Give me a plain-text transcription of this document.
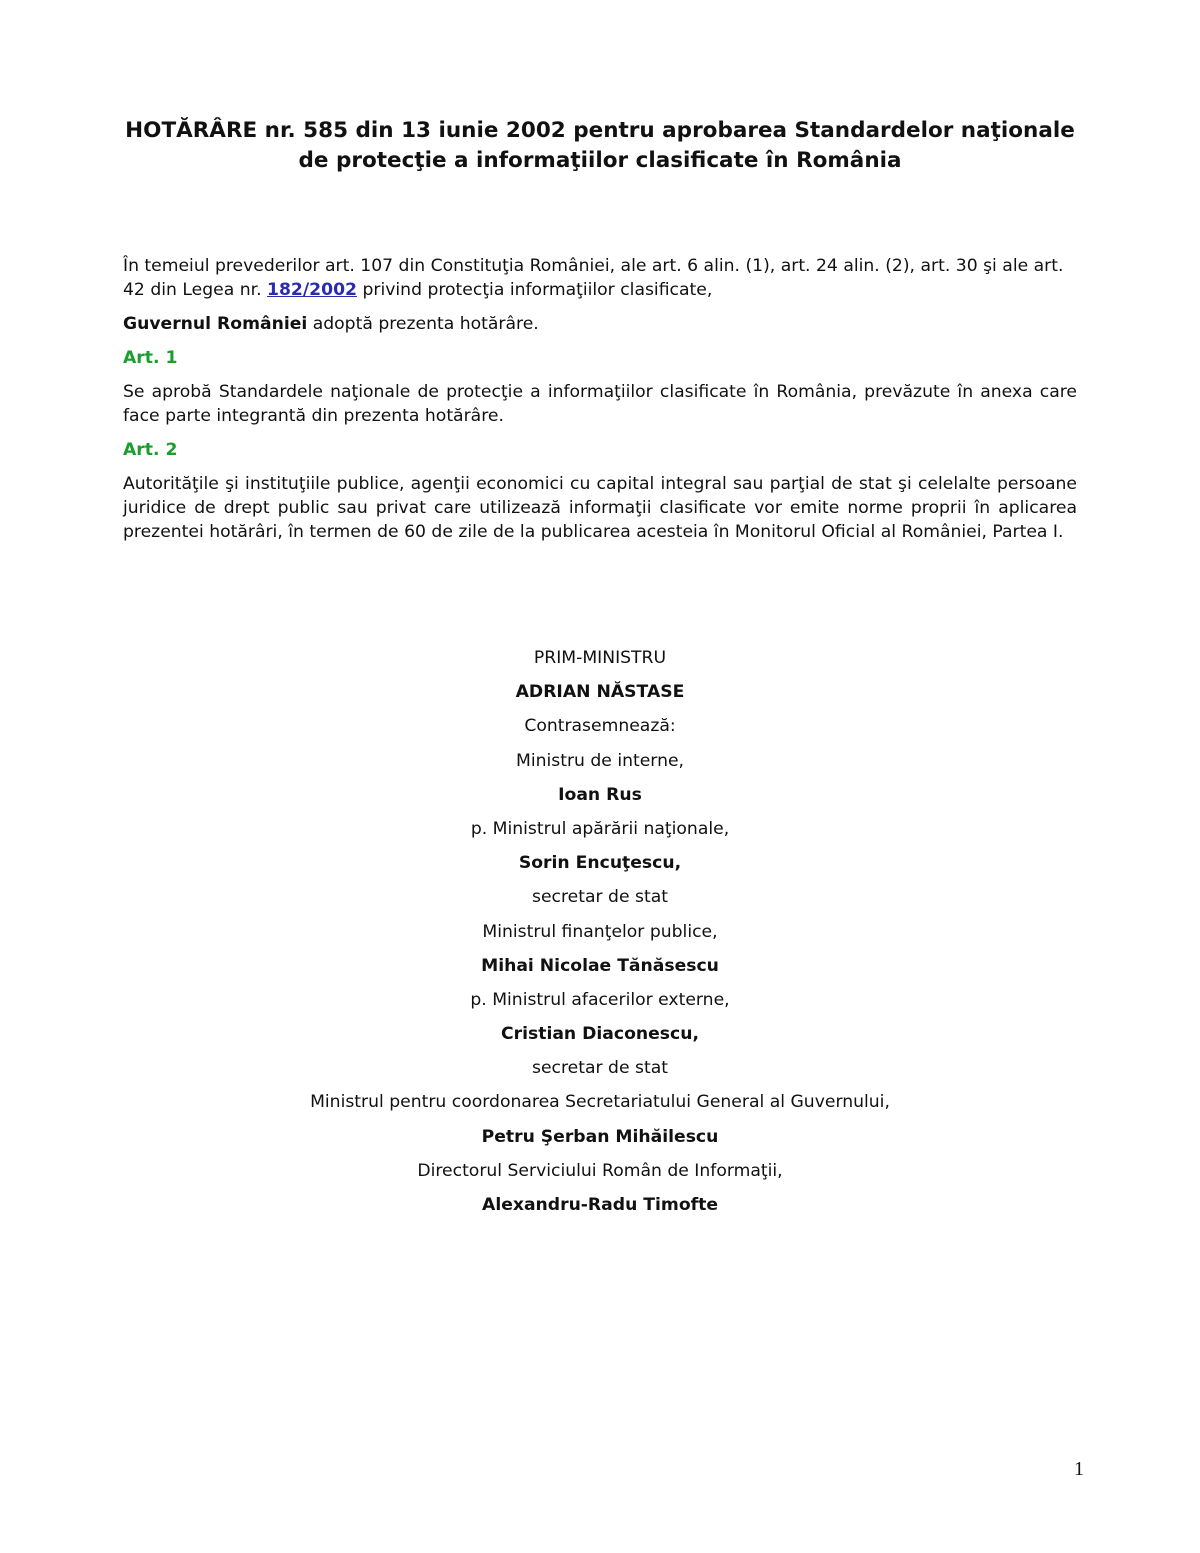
HOTĂRÂRE nr. 585 din 13 iunie 2002 pentru aprobarea Standardelor naţionale de protecţie a informaţiilor clasificate în România

În temeiul prevederilor art. 107 din Constituţia României, ale art. 6 alin. (1), art. 24 alin. (2), art. 30 şi ale art. 42 din Legea nr. 182/2002 privind protecţia informaţiilor clasificate,

Guvernul României adoptă prezenta hotărâre.

Art. 1

Se aprobă Standardele naţionale de protecţie a informaţiilor clasificate în România, prevăzute în anexa care face parte integrantă din prezenta hotărâre.

Art. 2

Autorităţile şi instituţiile publice, agenţii economici cu capital integral sau parţial de stat şi celelalte persoane juridice de drept public sau privat care utilizează informaţii clasificate vor emite norme proprii în aplicarea prezentei hotărâri, în termen de 60 de zile de la publicarea acesteia în Monitorul Oficial al României, Partea I.

PRIM-MINISTRU
ADRIAN NĂSTASE
Contrasemnează:
Ministru de interne,
Ioan Rus
p. Ministrul apărării naţionale,
Sorin Encuţescu,
secretar de stat
Ministrul finanţelor publice,
Mihai Nicolae Tănăsescu
p. Ministrul afacerilor externe,
Cristian Diaconescu,
secretar de stat
Ministrul pentru coordonarea Secretariatului General al Guvernului,
Petru Şerban Mihăilescu
Directorul Serviciului Român de Informaţii,
Alexandru-Radu Timofte
1
